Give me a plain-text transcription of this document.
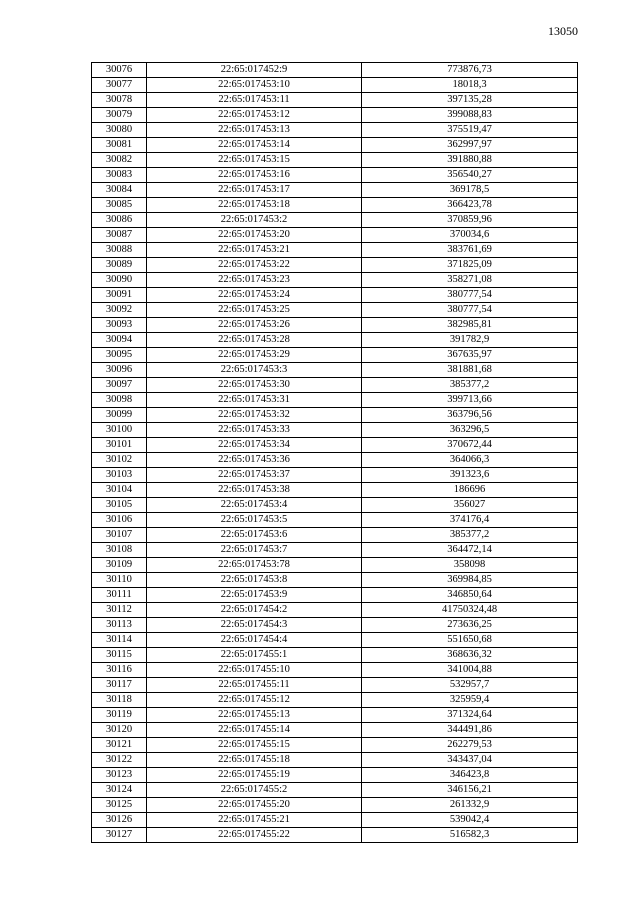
13050
30076	22:65:017452:9	773876,73
30077	22:65:017453:10	18018,3
30078	22:65:017453:11	397135,28
30079	22:65:017453:12	399088,83
30080	22:65:017453:13	375519,47
30081	22:65:017453:14	362997,97
30082	22:65:017453:15	391880,88
30083	22:65:017453:16	356540,27
30084	22:65:017453:17	369178,5
30085	22:65:017453:18	366423,78
30086	22:65:017453:2	370859,96
30087	22:65:017453:20	370034,6
30088	22:65:017453:21	383761,69
30089	22:65:017453:22	371825,09
30090	22:65:017453:23	358271,08
30091	22:65:017453:24	380777,54
30092	22:65:017453:25	380777,54
30093	22:65:017453:26	382985,81
30094	22:65:017453:28	391782,9
30095	22:65:017453:29	367635,97
30096	22:65:017453:3	381881,68
30097	22:65:017453:30	385377,2
30098	22:65:017453:31	399713,66
30099	22:65:017453:32	363796,56
30100	22:65:017453:33	363296,5
30101	22:65:017453:34	370672,44
30102	22:65:017453:36	364066,3
30103	22:65:017453:37	391323,6
30104	22:65:017453:38	186696
30105	22:65:017453:4	356027
30106	22:65:017453:5	374176,4
30107	22:65:017453:6	385377,2
30108	22:65:017453:7	364472,14
30109	22:65:017453:78	358098
30110	22:65:017453:8	369984,85
30111	22:65:017453:9	346850,64
30112	22:65:017454:2	41750324,48
30113	22:65:017454:3	273636,25
30114	22:65:017454:4	551650,68
30115	22:65:017455:1	368636,32
30116	22:65:017455:10	341004,88
30117	22:65:017455:11	532957,7
30118	22:65:017455:12	325959,4
30119	22:65:017455:13	371324,64
30120	22:65:017455:14	344491,86
30121	22:65:017455:15	262279,53
30122	22:65:017455:18	343437,04
30123	22:65:017455:19	346423,8
30124	22:65:017455:2	346156,21
30125	22:65:017455:20	261332,9
30126	22:65:017455:21	539042,4
30127	22:65:017455:22	516582,3
